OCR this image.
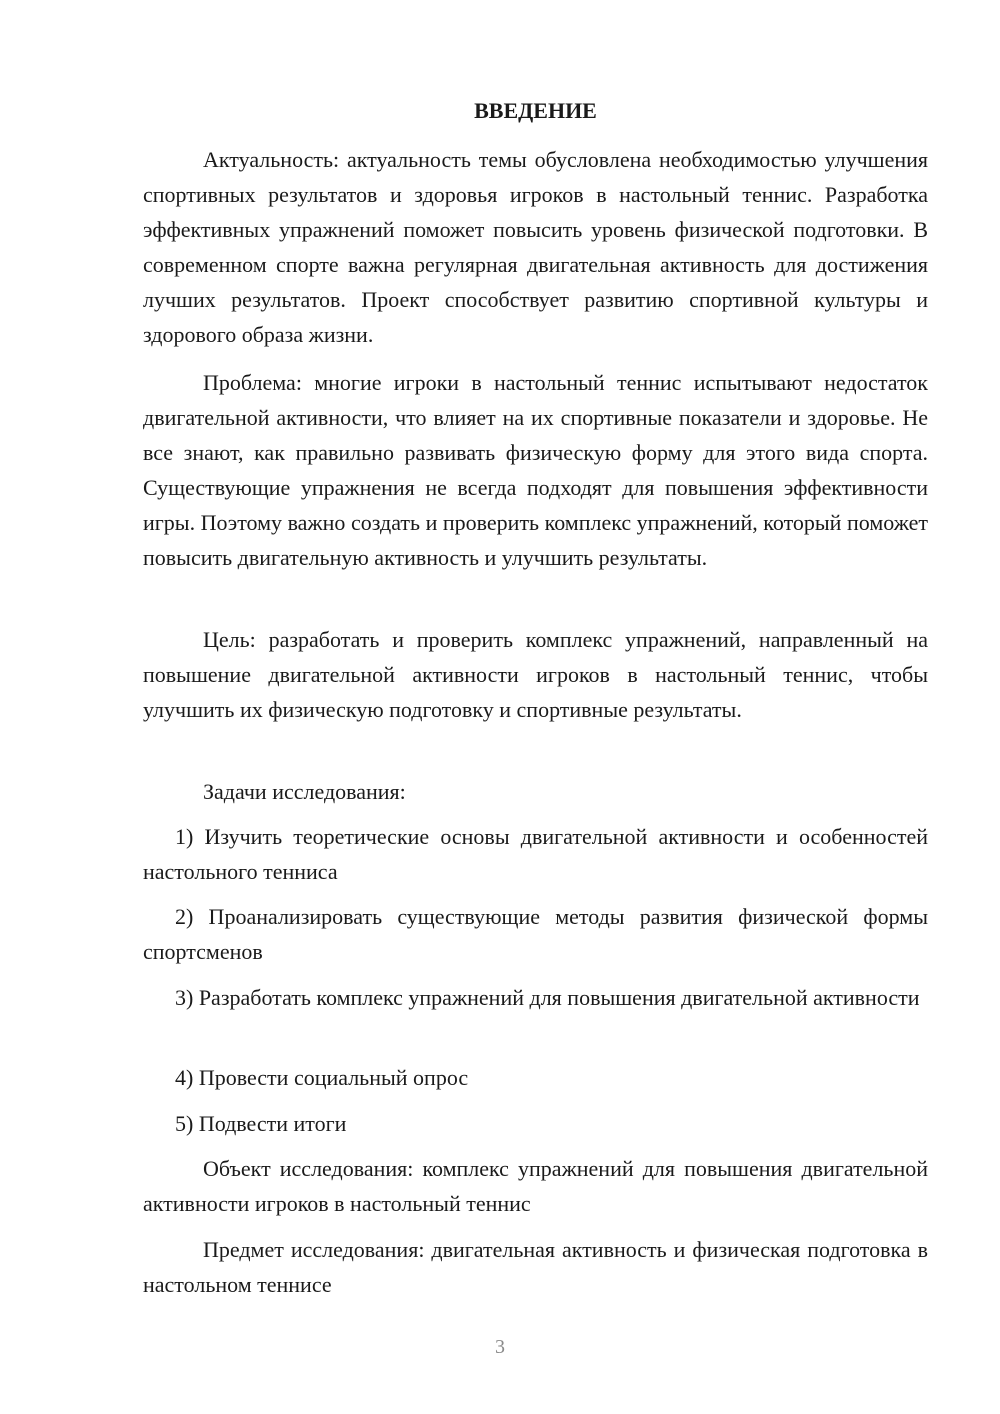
ВВЕДЕНИЕ

Актуальность: актуальность темы обусловлена необходимостью улучшения спортивных результатов и здоровья игроков в настольный теннис. Разработка эффективных упражнений поможет повысить уровень физической подготовки. В современном спорте важна регулярная двигательная активность для достижения лучших результатов. Проект способствует развитию спортивной культуры и здорового образа жизни.

Проблема: многие игроки в настольный теннис испытывают недостаток двигательной активности, что влияет на их спортивные показатели и здоровье. Не все знают, как правильно развивать физическую форму для этого вида спорта. Существующие упражнения не всегда подходят для повышения эффективности игры. Поэтому важно создать и проверить комплекс упражнений, который поможет повысить двигательную активность и улучшить результаты.

Цель: разработать и проверить комплекс упражнений, направленный на повышение двигательной активности игроков в настольный теннис, чтобы улучшить их физическую подготовку и спортивные результаты.

Задачи исследования:

1) Изучить теоретические основы двигательной активности и особенностей настольного тенниса

2) Проанализировать существующие методы развития физической формы спортсменов

3) Разработать комплекс упражнений для повышения двигательной активности

4) Провести социальный опрос

5) Подвести итоги

Объект исследования: комплекс упражнений для повышения двигательной активности игроков в настольный теннис

Предмет исследования: двигательная активность и физическая подготовка в настольном теннисе

3
